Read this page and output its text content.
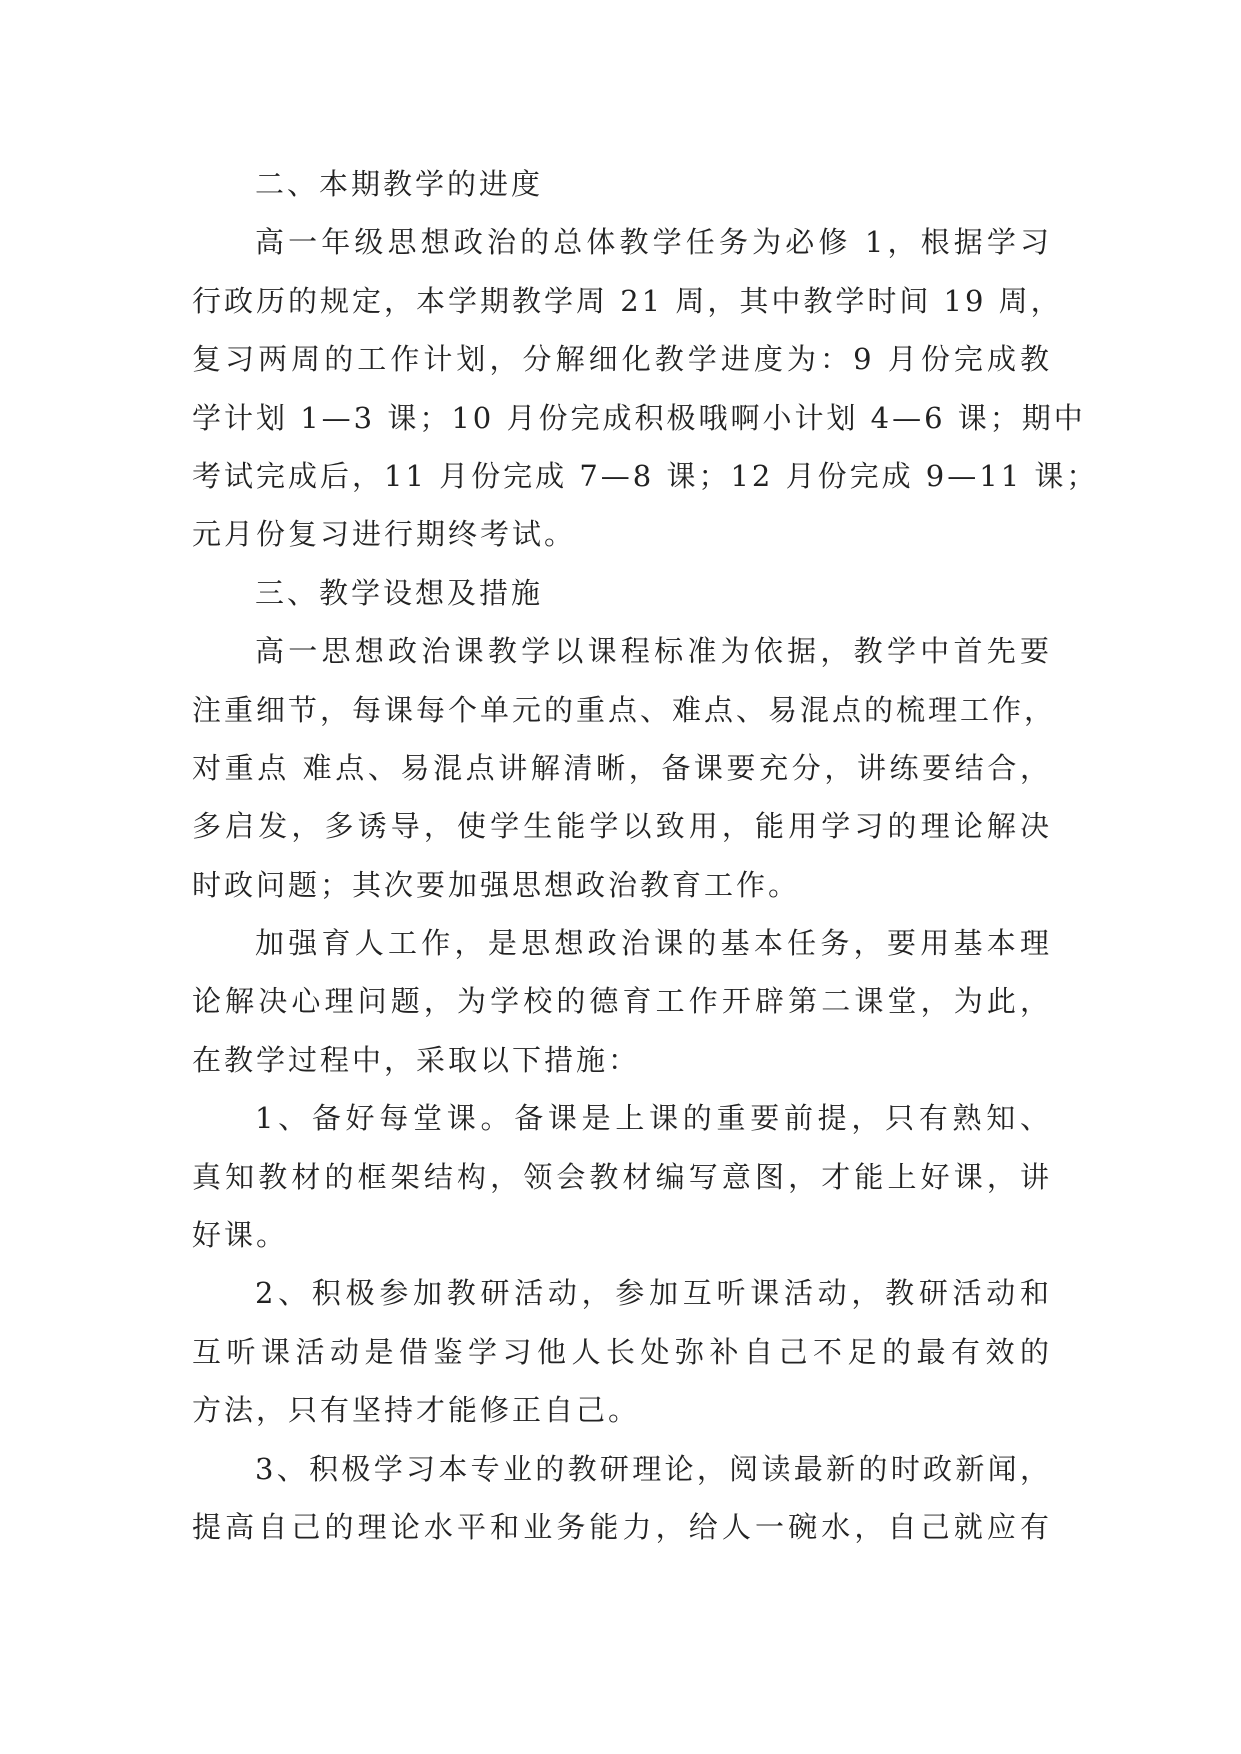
二、本期教学的进度
高一年级思想政治的总体教学任务为必修 1，根据学习
行政历的规定，本学期教学周 21 周，其中教学时间 19 周，
复习两周的工作计划，分解细化教学进度为：9 月份完成教
学计划 1—3 课；10 月份完成积极哦啊小计划 4—6 课；期中
考试完成后，11 月份完成 7—8 课；12 月份完成 9—11 课；
元月份复习进行期终考试。
三、教学设想及措施
高一思想政治课教学以课程标准为依据，教学中首先要
注重细节，每课每个单元的重点、难点、易混点的梳理工作，
对重点 难点、易混点讲解清晰，备课要充分，讲练要结合，
多启发，多诱导，使学生能学以致用，能用学习的理论解决
时政问题；其次要加强思想政治教育工作。
加强育人工作，是思想政治课的基本任务，要用基本理
论解决心理问题，为学校的德育工作开辟第二课堂，为此，
在教学过程中，采取以下措施：
1、备好每堂课。备课是上课的重要前提，只有熟知、
真知教材的框架结构，领会教材编写意图，才能上好课，讲
好课。
2、积极参加教研活动，参加互听课活动，教研活动和
互听课活动是借鉴学习他人长处弥补自己不足的最有效的
方法，只有坚持才能修正自己。
3、积极学习本专业的教研理论，阅读最新的时政新闻，
提高自己的理论水平和业务能力，给人一碗水，自己就应有
